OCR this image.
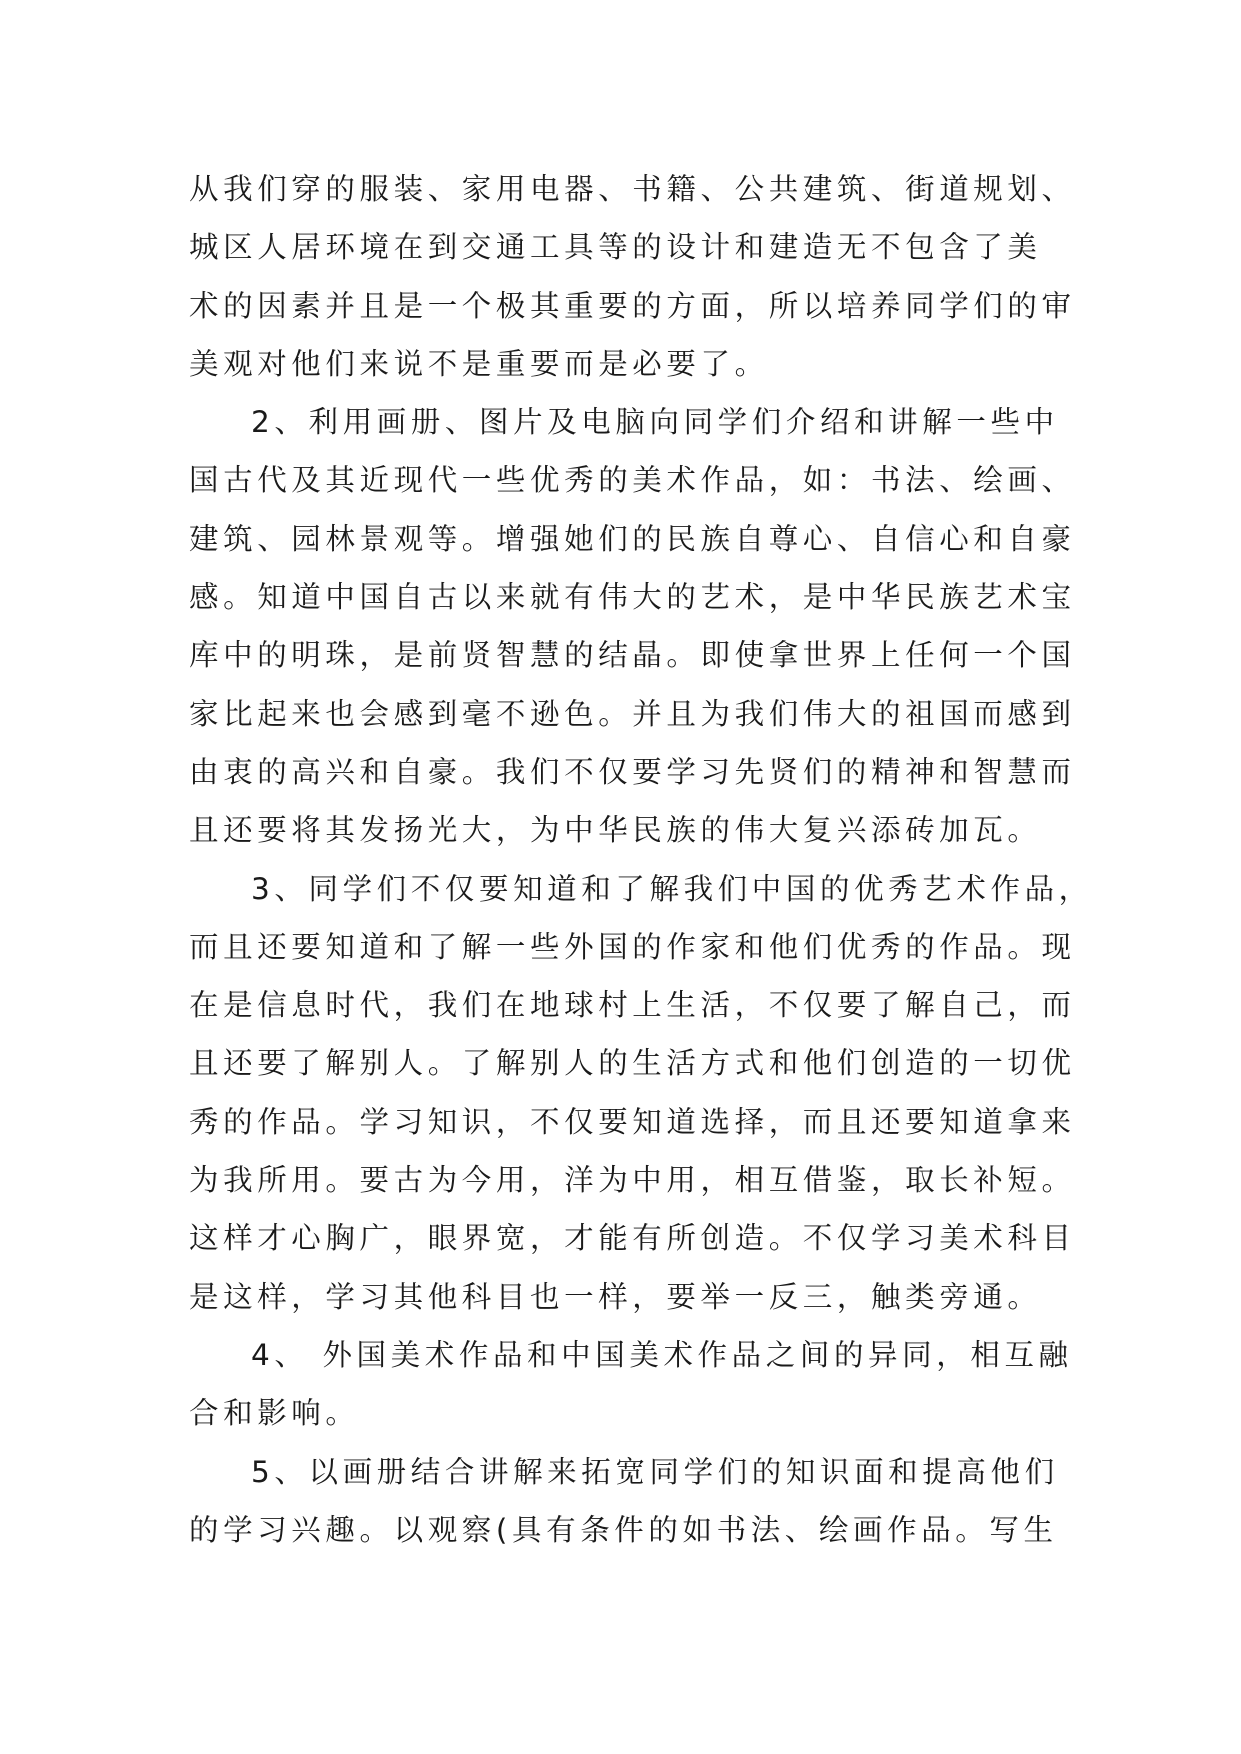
从我们穿的服装、家用电器、书籍、公共建筑、街道规划、
城区人居环境在到交通工具等的设计和建造无不包含了美
术的因素并且是一个极其重要的方面，所以培养同学们的审
美观对他们来说不是重要而是必要了。
2、利用画册、图片及电脑向同学们介绍和讲解一些中
国古代及其近现代一些优秀的美术作品，如：书法、绘画、
建筑、园林景观等。增强她们的民族自尊心、自信心和自豪
感。知道中国自古以来就有伟大的艺术，是中华民族艺术宝
库中的明珠，是前贤智慧的结晶。即使拿世界上任何一个国
家比起来也会感到毫不逊色。并且为我们伟大的祖国而感到
由衷的高兴和自豪。我们不仅要学习先贤们的精神和智慧而
且还要将其发扬光大，为中华民族的伟大复兴添砖加瓦。
3、同学们不仅要知道和了解我们中国的优秀艺术作品，
而且还要知道和了解一些外国的作家和他们优秀的作品。现
在是信息时代，我们在地球村上生活，不仅要了解自己，而
且还要了解别人。了解别人的生活方式和他们创造的一切优
秀的作品。学习知识，不仅要知道选择，而且还要知道拿来
为我所用。要古为今用，洋为中用，相互借鉴，取长补短。
这样才心胸广，眼界宽，才能有所创造。不仅学习美术科目
是这样，学习其他科目也一样，要举一反三，触类旁通。
4、 外国美术作品和中国美术作品之间的异同，相互融
合和影响。
5、以画册结合讲解来拓宽同学们的知识面和提高他们
的学习兴趣。以观察(具有条件的如书法、绘画作品。写生
